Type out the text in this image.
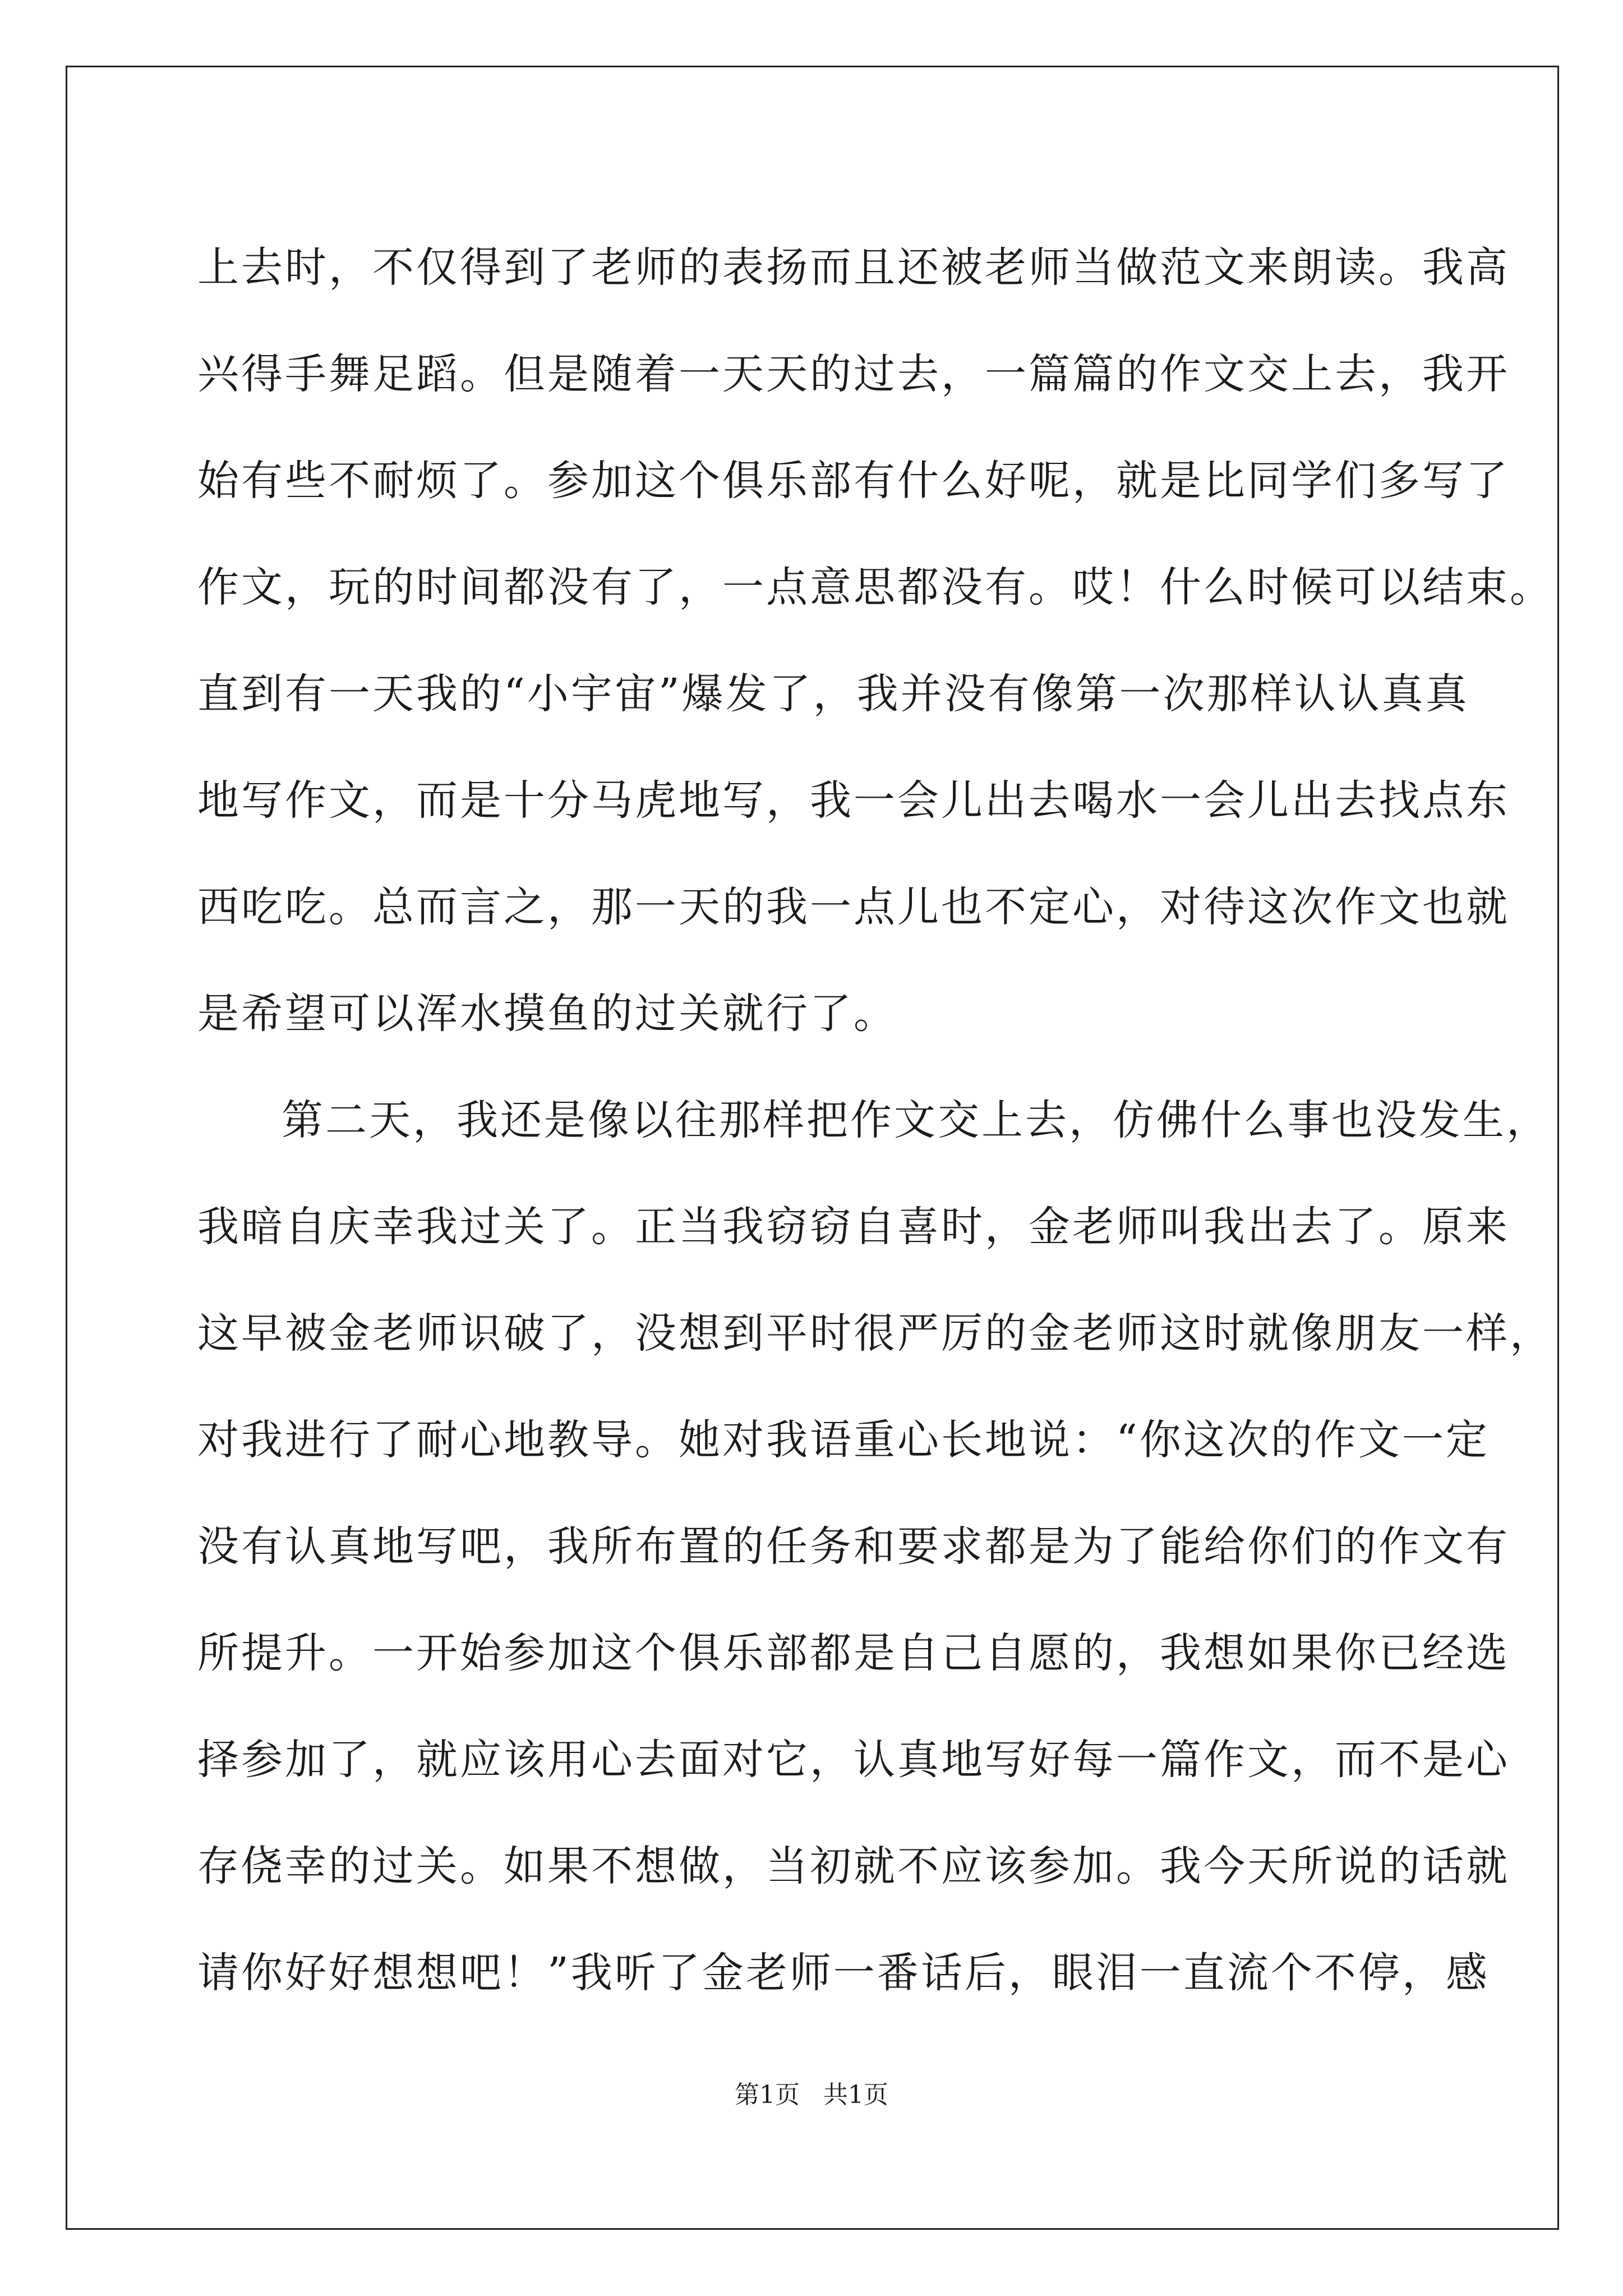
上去时，不仅得到了老师的表扬而且还被老师当做范文来朗读。我高
兴得手舞足蹈。但是随着一天天的过去，一篇篇的作文交上去，我开
始有些不耐烦了。参加这个俱乐部有什么好呢，就是比同学们多写了
作文，玩的时间都没有了，一点意思都没有。哎！什么时候可以结束。
直到有一天我的“小宇宙”爆发了，我并没有像第一次那样认认真真
地写作文，而是十分马虎地写，我一会儿出去喝水一会儿出去找点东
西吃吃。总而言之，那一天的我一点儿也不定心，对待这次作文也就
是希望可以浑水摸鱼的过关就行了。
第二天，我还是像以往那样把作文交上去，仿佛什么事也没发生，
我暗自庆幸我过关了。正当我窃窃自喜时，金老师叫我出去了。原来
这早被金老师识破了，没想到平时很严厉的金老师这时就像朋友一样，
对我进行了耐心地教导。她对我语重心长地说：“你这次的作文一定
没有认真地写吧，我所布置的任务和要求都是为了能给你们的作文有
所提升。一开始参加这个俱乐部都是自己自愿的，我想如果你已经选
择参加了，就应该用心去面对它，认真地写好每一篇作文，而不是心
存侥幸的过关。如果不想做，当初就不应该参加。我今天所说的话就
请你好好想想吧！”我听了金老师一番话后，眼泪一直流个不停，感
第1页   共1页
